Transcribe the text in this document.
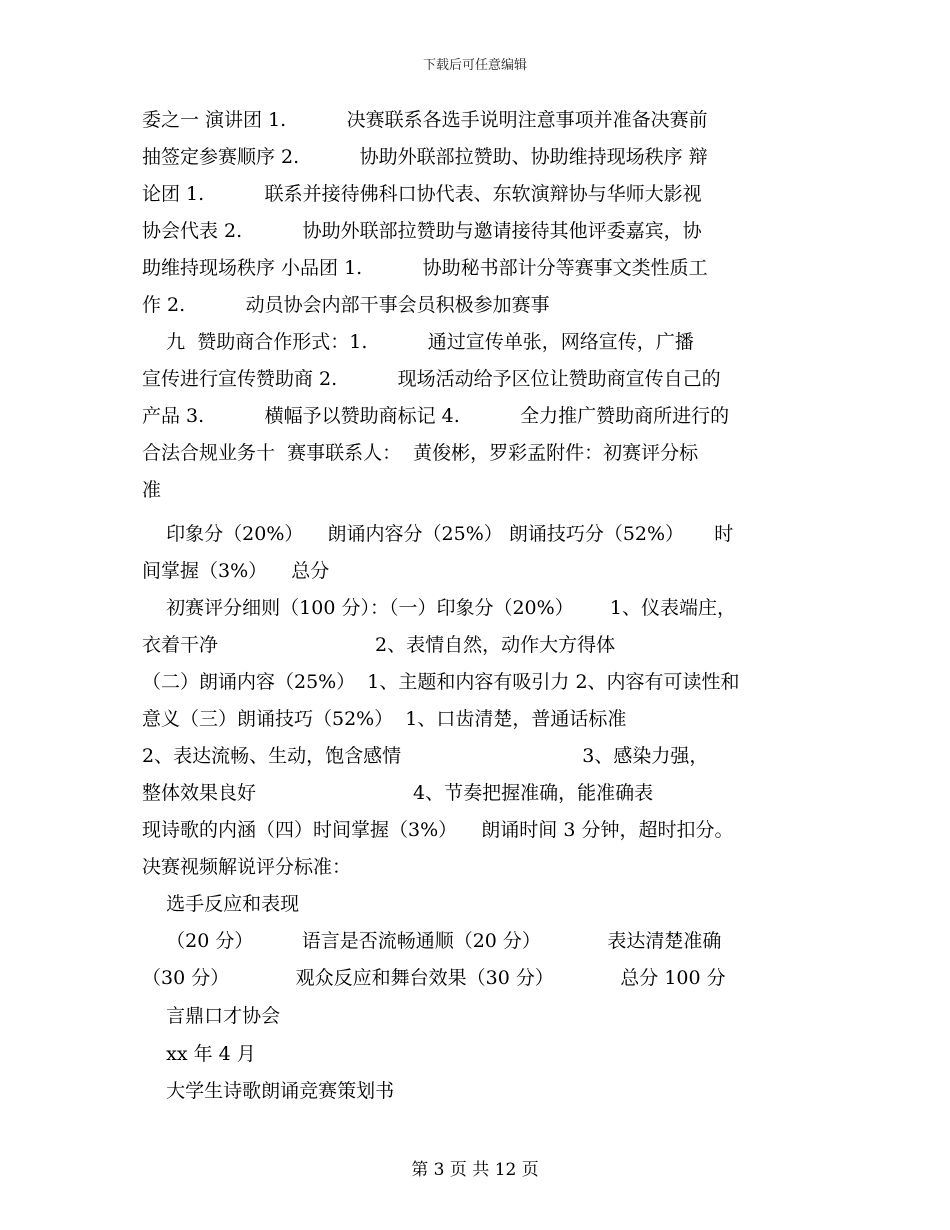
下载后可任意编辑
委之一 演讲团 1.          决赛联系各选手说明注意事项并准备决赛前
抽签定参赛顺序 2.          协助外联部拉赞助、协助维持现场秩序 辩
论团 1.          联系并接待佛科口协代表、东软演辩协与华师大影视
协会代表 2.          协助外联部拉赞助与邀请接待其他评委嘉宾，协
助维持现场秩序 小品团 1.          协助秘书部计分等赛事文类性质工
作 2.          动员协会内部干事会员积极参加赛事
九  赞助商合作形式：1.          通过宣传单张，网络宣传，广播
宣传进行宣传赞助商 2.          现场活动给予区位让赞助商宣传自己的
产品 3.          横幅予以赞助商标记 4.          全力推广赞助商所进行的
合法合规业务十  赛事联系人：  黄俊彬，罗彩孟附件：初赛评分标
准
印象分（20%）    朗诵内容分（25%） 朗诵技巧分（52%）     时
间掌握（3%）    总分
初赛评分细则（100 分）：（一）印象分（20%）      1、仪表端庄，
衣着干净                          2、表情自然，动作大方得体
（二）朗诵内容（25%）  1、主题和内容有吸引力 2、内容有可读性和
意义（三）朗诵技巧（52%）  1、口齿清楚，普通话标准
2、表达流畅、生动，饱含感情                              3、感染力强，
整体效果良好                          4、节奏把握准确，能准确表
现诗歌的内涵（四）时间掌握（3%）    朗诵时间 3 分钟，超时扣分。
决赛视频解说评分标准：
选手反应和表现
（20 分）        语言是否流畅通顺（20 分）           表达清楚准确
（30 分）           观众反应和舞台效果（30 分）           总分 100 分
言鼎口才协会
xx 年 4 月
大学生诗歌朗诵竞赛策划书
第 3 页 共 12 页
